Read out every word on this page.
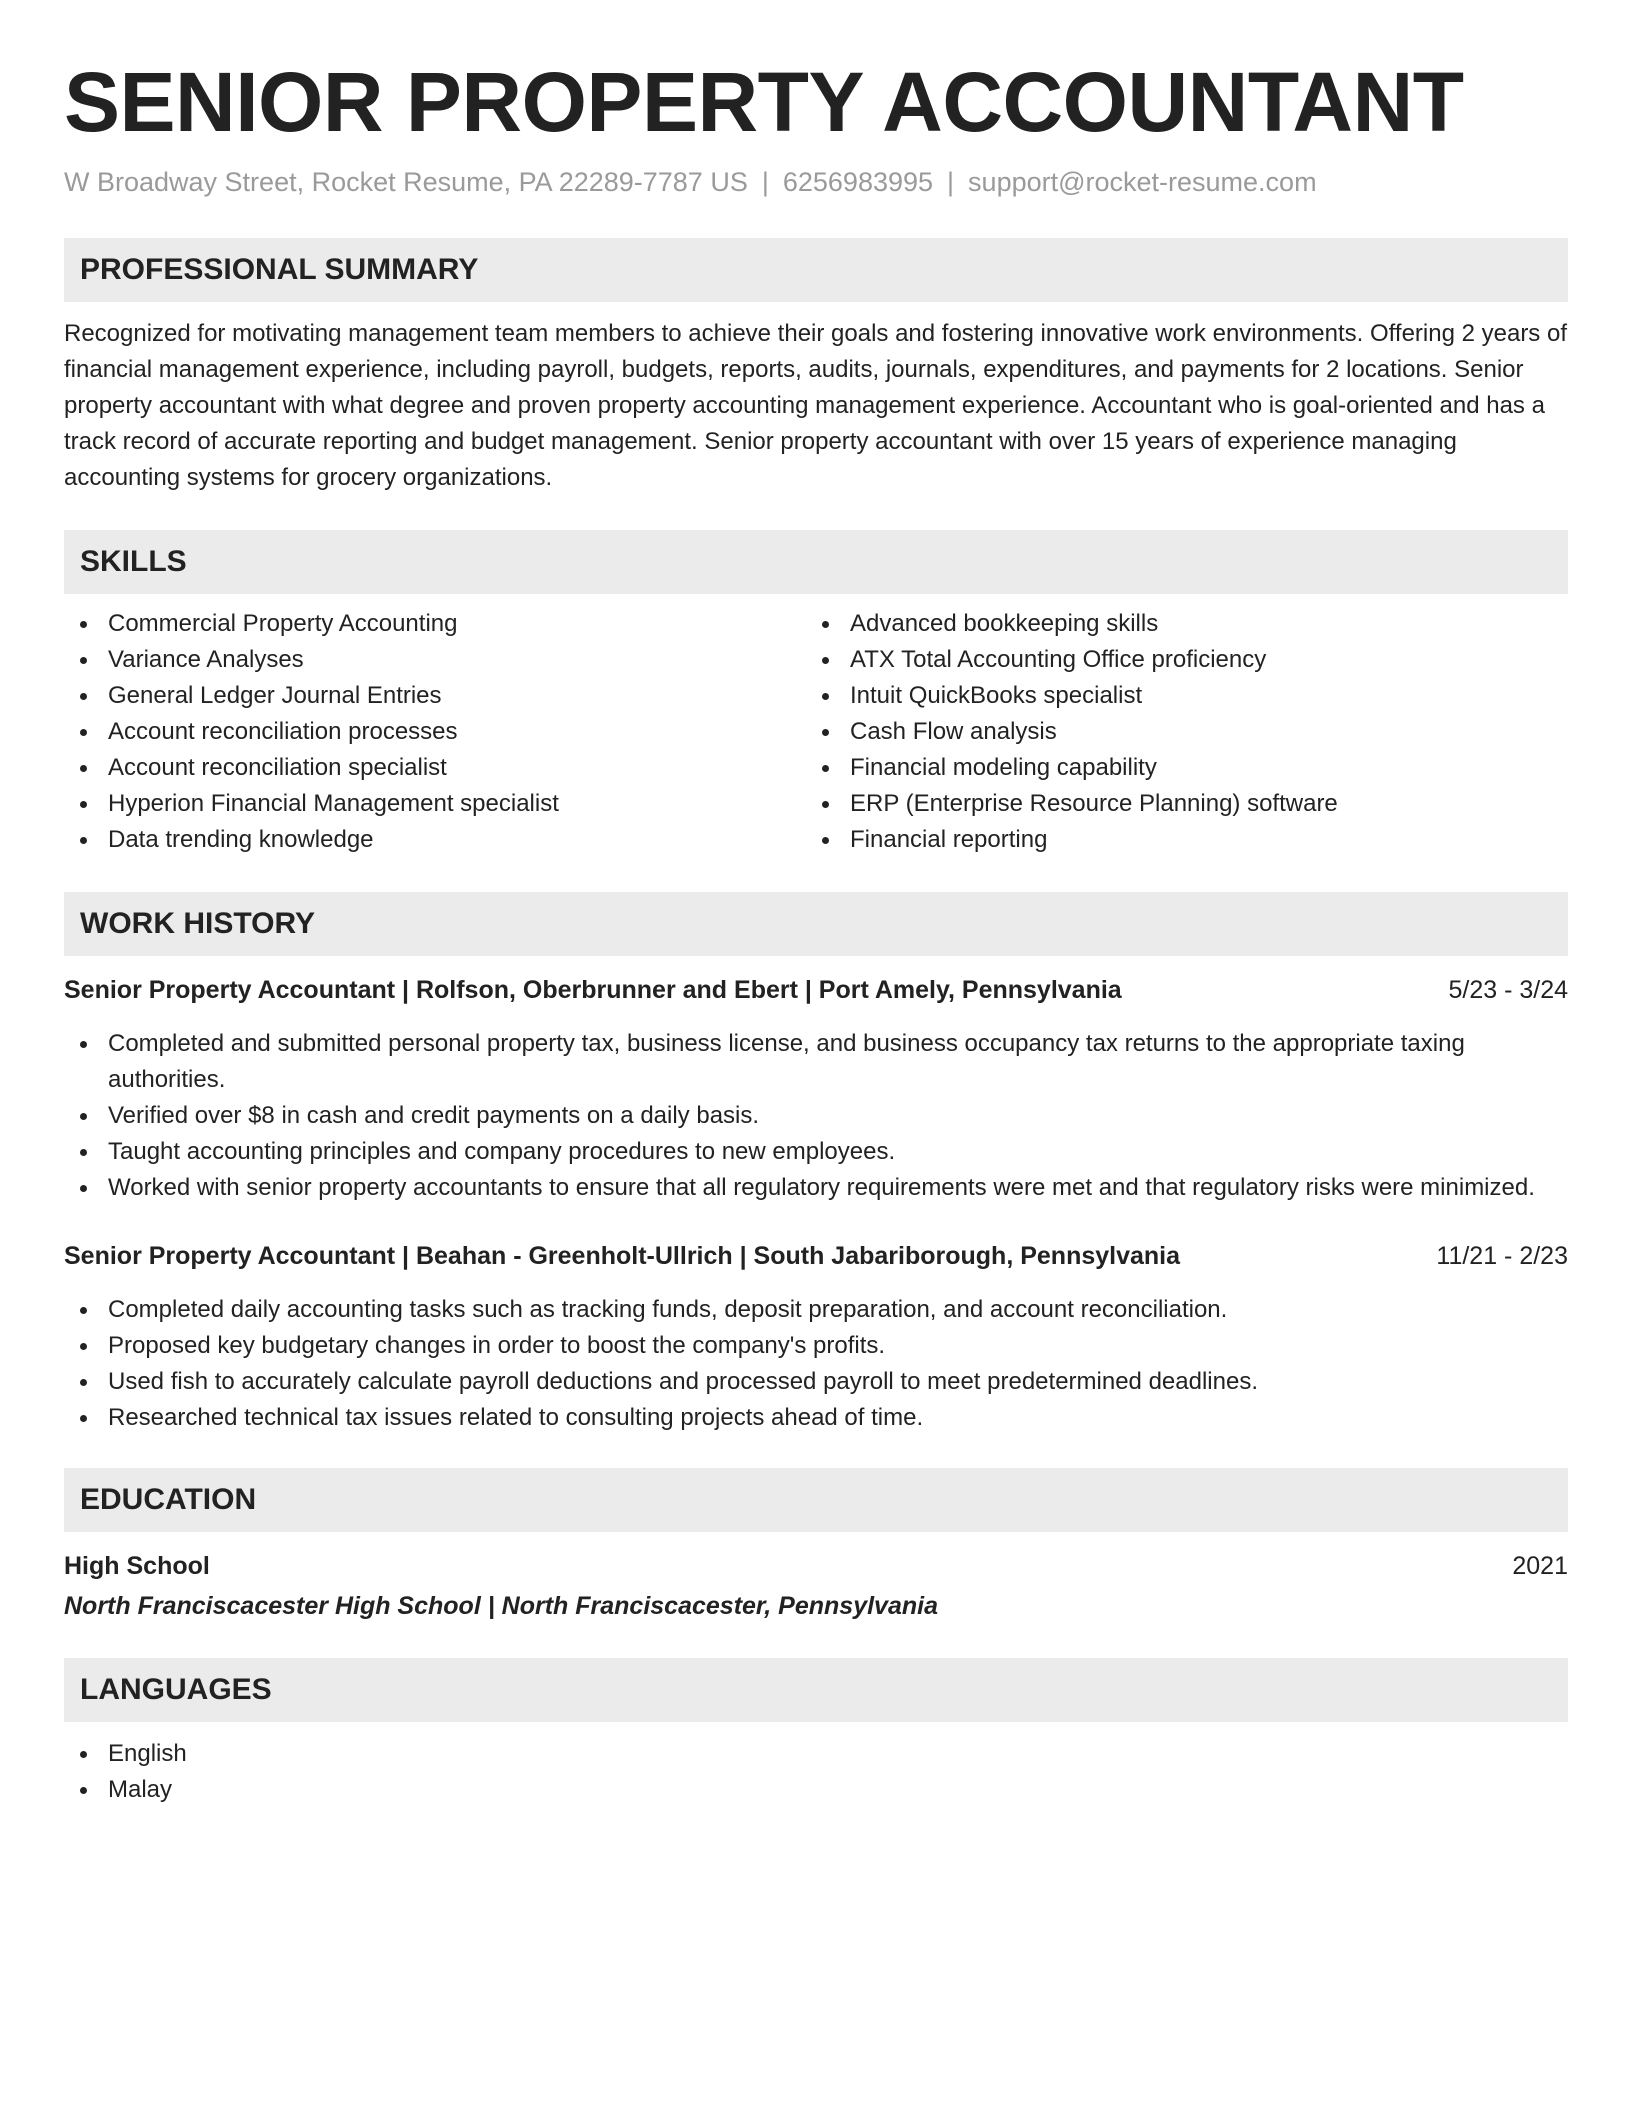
SENIOR PROPERTY ACCOUNTANT
W Broadway Street, Rocket Resume, PA 22289-7787 US | 6256983995 | support@rocket-resume.com
PROFESSIONAL SUMMARY

Recognized for motivating management team members to achieve their goals and fostering innovative work environments. Offering 2 years of financial management experience, including payroll, budgets, reports, audits, journals, expenditures, and payments for 2 locations. Senior property accountant with what degree and proven property accounting management experience. Accountant who is goal-oriented and has a track record of accurate reporting and budget management. Senior property accountant with over 15 years of experience managing accounting systems for grocery organizations.

SKILLS
Commercial Property Accounting
Variance Analyses
General Ledger Journal Entries
Account reconciliation processes
Account reconciliation specialist
Hyperion Financial Management specialist
Data trending knowledge
Advanced bookkeeping skills
ATX Total Accounting Office proficiency
Intuit QuickBooks specialist
Cash Flow analysis
Financial modeling capability
ERP (Enterprise Resource Planning) software
Financial reporting
WORK HISTORY
Senior Property Accountant | Rolfson, Oberbrunner and Ebert | Port Amely, Pennsylvania	5/23 - 3/24
Completed and submitted personal property tax, business license, and business occupancy tax returns to the appropriate taxing authorities.
Verified over $8 in cash and credit payments on a daily basis.
Taught accounting principles and company procedures to new employees.
Worked with senior property accountants to ensure that all regulatory requirements were met and that regulatory risks were minimized.
Senior Property Accountant | Beahan - Greenholt-Ullrich | South Jabariborough, Pennsylvania	11/21 - 2/23
Completed daily accounting tasks such as tracking funds, deposit preparation, and account reconciliation.
Proposed key budgetary changes in order to boost the company's profits.
Used fish to accurately calculate payroll deductions and processed payroll to meet predetermined deadlines.
Researched technical tax issues related to consulting projects ahead of time.
EDUCATION
High School	2021
North Franciscacester High School | North Franciscacester, Pennsylvania
LANGUAGES
English
Malay
